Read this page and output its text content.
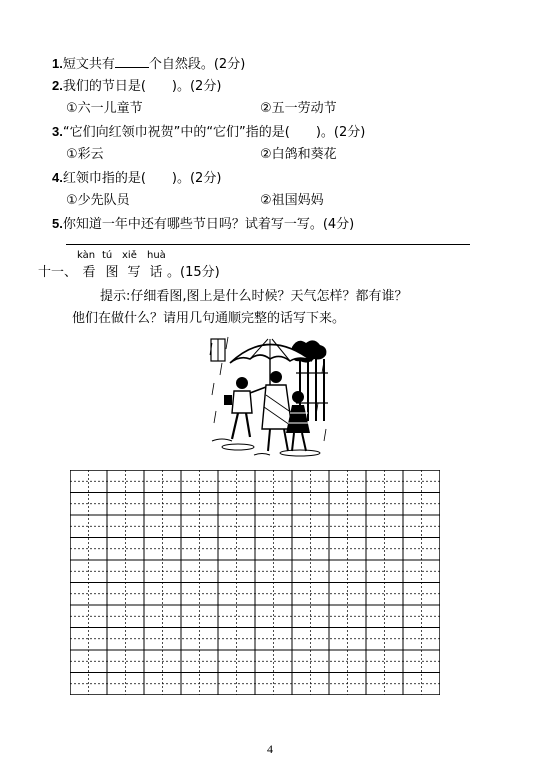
1.短文共有	个自然段。(2分)
2.我们的节日是(　　)。(2分)
①六一儿童节	②五一劳动节
3.“它们向红领巾祝贺”中的“它们”指的是(　　)。(2分)
①彩云	②白鸽和葵花
4.红领巾指的是(　　)。(2分)
①少先队员	②祖国妈妈
5.你知道一年中还有哪些节日吗？试着写一写。(4分)
kàn tú xiě huà
十一、 看 图 写 话 。(15分)
提示:仔细看图,图上是什么时候？天气怎样？都有谁？
他们在做什么？请用几句通顺完整的话写下来。
4
